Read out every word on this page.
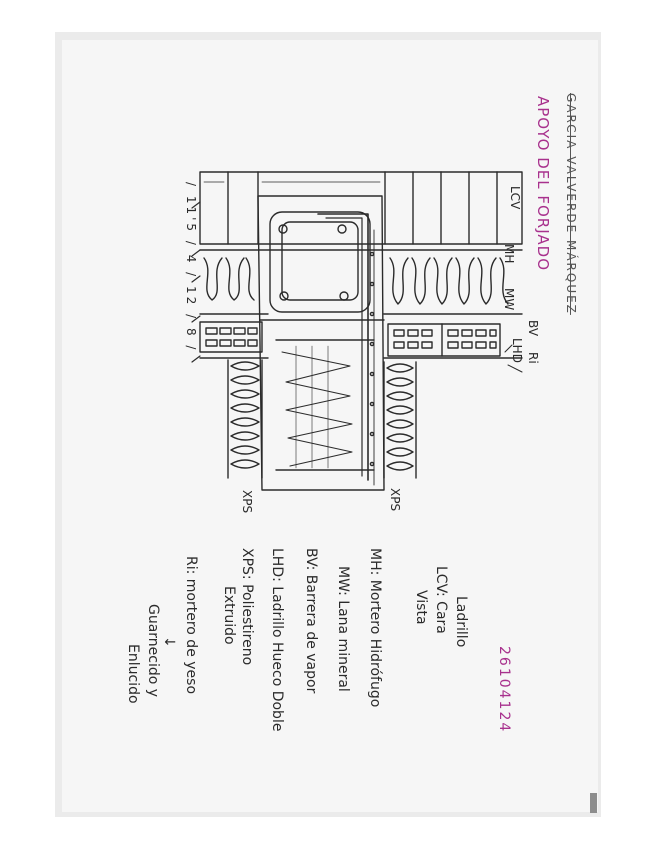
GARCIA VALVERDE MÁRQUEZ
APOYO DEL FORJADO
26104124
LCV
MH
MW
BV
Ri
LHD
XPS
XPS
/ 11'5 / 4 / 12 / 8 /
Ladrillo
LCV: Cara
Vista
MH: Mortero Hidrófugo
MW: Lana mineral
BV: Barrera de vapor
LHD: Ladrillo Hueco Doble
XPS: Poliestireno
Extruido
Ri: mortero de yeso
↓
Guarnecido y
Enlucido
